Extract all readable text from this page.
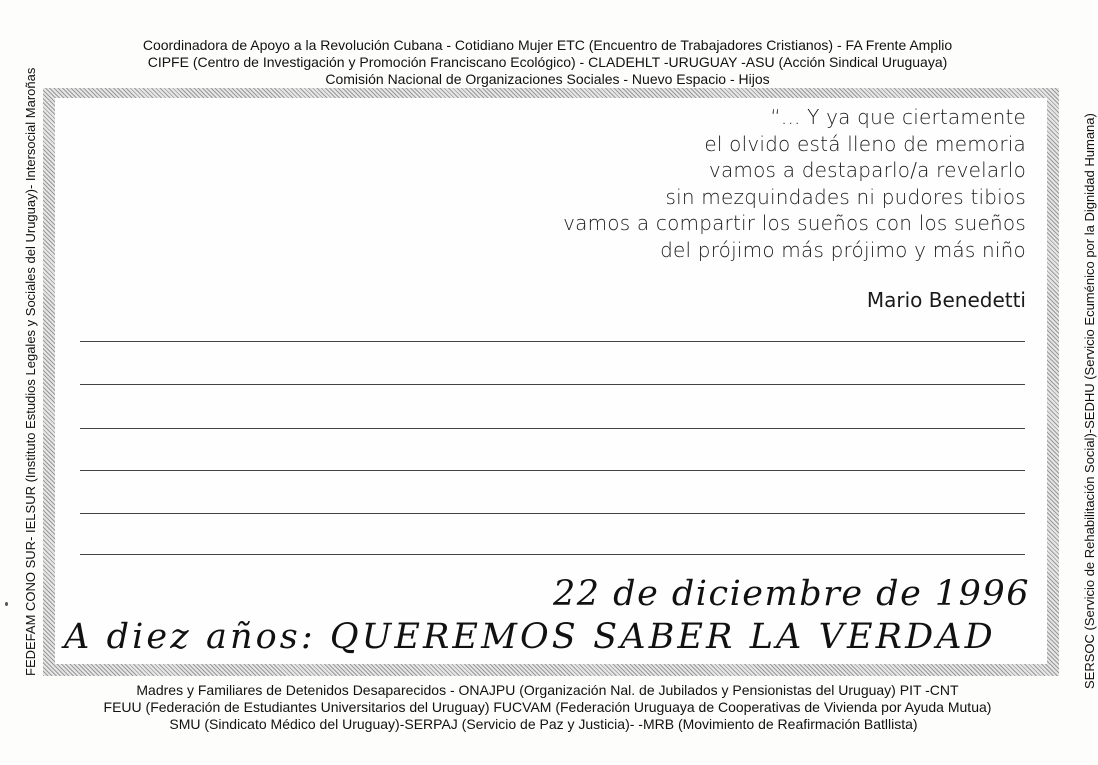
Coordinadora de Apoyo a la Revolución Cubana - Cotidiano Mujer ETC (Encuentro de Trabajadores Cristianos) - FA Frente Amplio
CIPFE (Centro de Investigación y Promoción Franciscano Ecológico) - CLADEHLT -URUGUAY -ASU (Acción Sindical Uruguaya)
Comisión Nacional de Organizaciones Sociales - Nuevo Espacio - Hijos
FEDEFAM CONO SUR- IELSUR (Instituto Estudios Legales y Sociales del Uruguay)- Intersocial Maroñas	SERSOC (Servicio de Rehabilitación Social)-SEDHU (Servicio Ecuménico por la Dignidad Humana)
“... Y ya que ciertamente
el olvido está lleno de memoria
vamos a destaparlo/a revelarlo
sin mezquindades ni pudores tibios
vamos a compartir los sueños con los sueños
del prójimo más prójimo y más niño
Mario Benedetti
22 de diciembre de 1996
A diez años: QUEREMOS SABER LA VERDAD
Madres y Familiares de Detenidos Desaparecidos - ONAJPU (Organización Nal. de Jubilados y Pensionistas del Uruguay) PIT -CNT
FEUU (Federación de Estudiantes Universitarios del Uruguay) FUCVAM (Federación Uruguaya de Cooperativas de Vivienda por Ayuda Mutua)
SMU (Sindicato Médico del Uruguay)-SERPAJ (Servicio de Paz y Justicia)- -MRB (Movimiento de Reafirmación Batllista)
